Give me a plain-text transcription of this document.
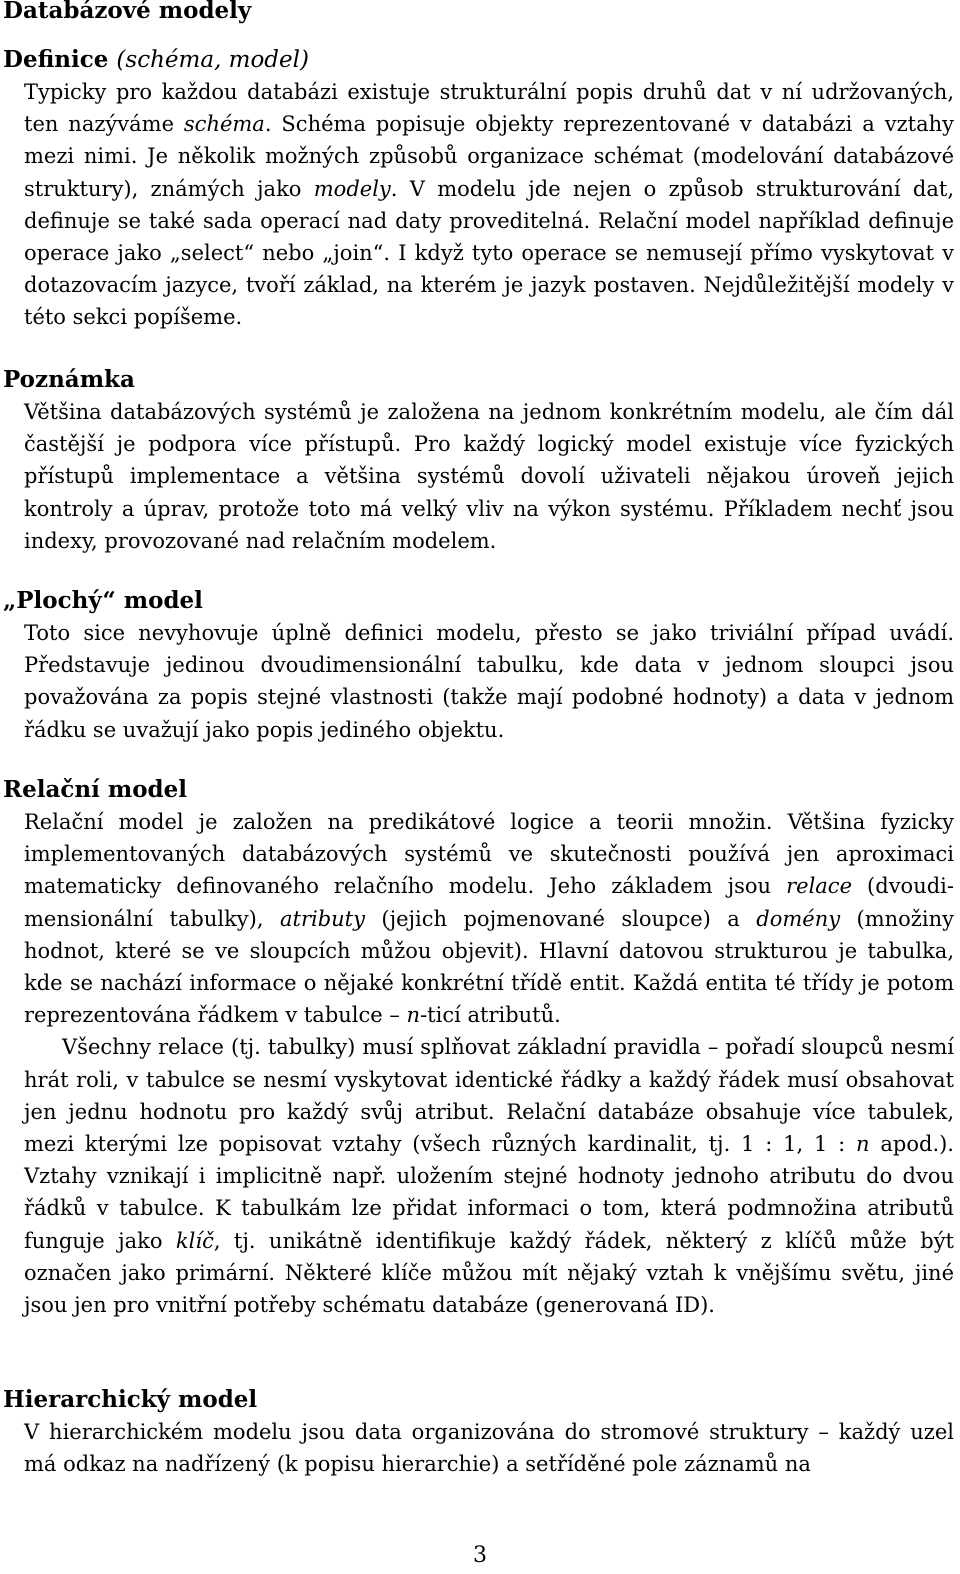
Databázové modely
Definice (schéma, model)

Typicky pro každou databázi existuje strukturální popis druhů dat v ní udržovaných, ten nazýváme schéma. Schéma popisuje objekty reprezentované v databázi a vztahy mezi nimi. Je několik možných způsobů organizace schémat (modelování databázové struktury), známých jako modely. V modelu jde nejen o způsob strukturování dat, definuje se také sada operací nad daty proveditelná. Relační model například definuje operace jako „select“ nebo „join“. I když tyto operace se nemusejí přímo vyskytovat v dotazovacím jazyce, tvoří základ, na kterém je jazyk postaven. Nejdůležitější modely v této sekci popíšeme.

Poznámka

Většina databázových systémů je založena na jednom konkrétním modelu, ale čím dál častější je podpora více přístupů. Pro každý logický model existuje více fyzických přístupů implementace a většina systémů dovolí uživateli nějakou úroveň jejich kontroly a úprav, protože toto má velký vliv na výkon systému. Příkladem nechť jsou indexy, provozované nad relačním modelem.

„Plochý“ model

Toto sice nevyhovuje úplně definici modelu, přesto se jako triviální případ uvádí. Představuje jedinou dvoudimensionální tabulku, kde data v jednom sloupci jsou považována za popis stejné vlastnosti (takže mají podobné hodnoty) a data v jednom řádku se uvažují jako popis jediného objektu.

Relační model

Relační model je založen na predikátové logice a teorii množin. Většina fyzicky implementovaných databázových systémů ve skutečnosti používá jen aproximaci matematicky definovaného relačního modelu. Jeho základem jsou relace (dvoudimensionální tabulky), atributy (jejich pojmenované sloupce) a domény (množiny hodnot, které se ve sloupcích můžou objevit). Hlavní datovou strukturou je tabulka, kde se nachází informace o nějaké konkrétní třídě entit. Každá entita té třídy je potom reprezentována řádkem v tabulce – n-ticí atributů.

Všechny relace (tj. tabulky) musí splňovat základní pravidla – pořadí sloupců nesmí hrát roli, v tabulce se nesmí vyskytovat identické řádky a každý řádek musí obsahovat jen jednu hodnotu pro každý svůj atribut. Relační databáze obsahuje více tabulek, mezi kterými lze popisovat vztahy (všech různých kardinalit, tj. 1 : 1, 1 : n apod.). Vztahy vznikají i implicitně např. uložením stejné hodnoty jednoho atributu do dvou řádků v tabulce. K tabulkám lze přidat informaci o tom, která podmnožina atributů funguje jako klíč, tj. unikátně identifikuje každý řádek, některý z klíčů může být označen jako primární. Některé klíče můžou mít nějaký vztah k vnějšímu světu, jiné jsou jen pro vnitřní potřeby schématu databáze (generovaná ID).

Hierarchický model

V hierarchickém modelu jsou data organizována do stromové struktury – každý uzel má odkaz na nadřízený (k popisu hierarchie) a setříděné pole záznamů na

3
